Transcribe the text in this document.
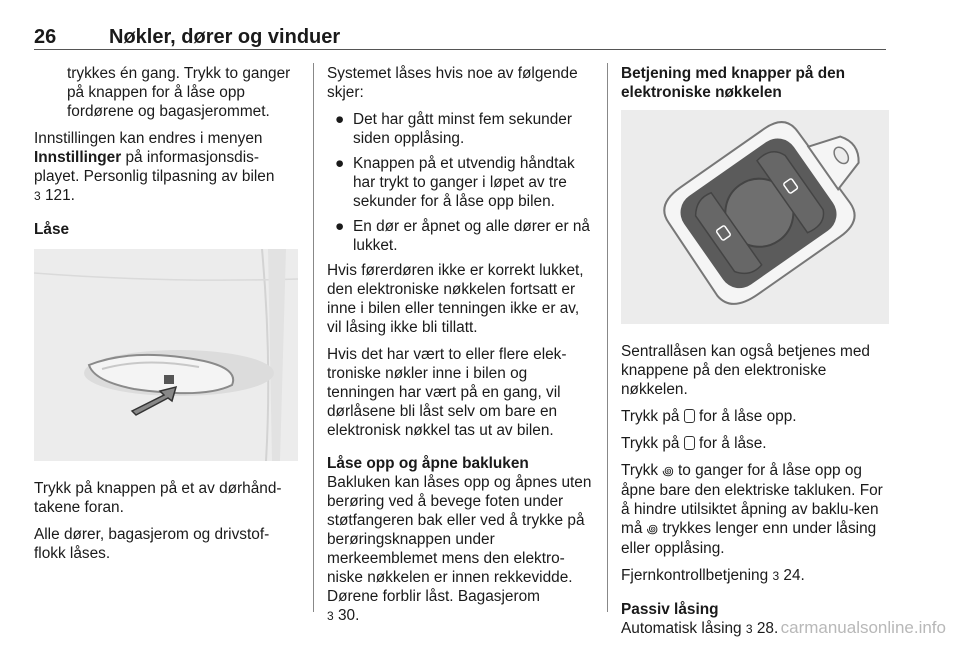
26	Nøkler, dører og vinduer

trykkes én gang. Trykk to ganger på knappen for å låse opp fordørene og bagasjerommet.

Innstillingen kan endres i menyen Innstillinger på informasjonsdis-playet. Personlig tilpasning av bilen
3 121.

Låse

Trykk på knappen på et av dørhånd-takene foran.

Alle dører, bagasjerom og drivstof-flokk låses.

Systemet låses hvis noe av følgende skjer:

● Det har gått minst fem sekunder siden opplåsing.
● Knappen på et utvendig håndtak har trykt to ganger i løpet av tre sekunder for å låse opp bilen.
● En dør er åpnet og alle dører er nå lukket.

Hvis førerdøren ikke er korrekt lukket, den elektroniske nøkkelen fortsatt er inne i bilen eller tenningen ikke er av, vil låsing ikke bli tillatt.

Hvis det har vært to eller flere elek-troniske nøkler inne i bilen og tenningen har vært på en gang, vil dørlåsene bli låst selv om bare en elektronisk nøkkel tas ut av bilen.

Låse opp og åpne bakluken

Bakluken kan låses opp og åpnes uten berøring ved å bevege foten under støtfangeren bak eller ved å trykke på berøringsknappen under merkeemblemet mens den elektro-niske nøkkelen er innen rekkevidde. Dørene forblir låst. Bagasjerom
3 30.

Betjening med knapper på den elektroniske nøkkelen

Sentrallåsen kan også betjenes med knappene på den elektroniske nøkkelen.

Trykk på  for å låse opp.

Trykk på  for å låse.

Trykk ꩜ to ganger for å låse opp og åpne bare den elektriske takluken. For å hindre utilsiktet åpning av baklu-ken må ꩜ trykkes lenger enn under låsing eller opplåsing.

Fjernkontrollbetjening 3 24.

Passiv låsing

Automatisk låsing 3 28. carmanualsonline.info
